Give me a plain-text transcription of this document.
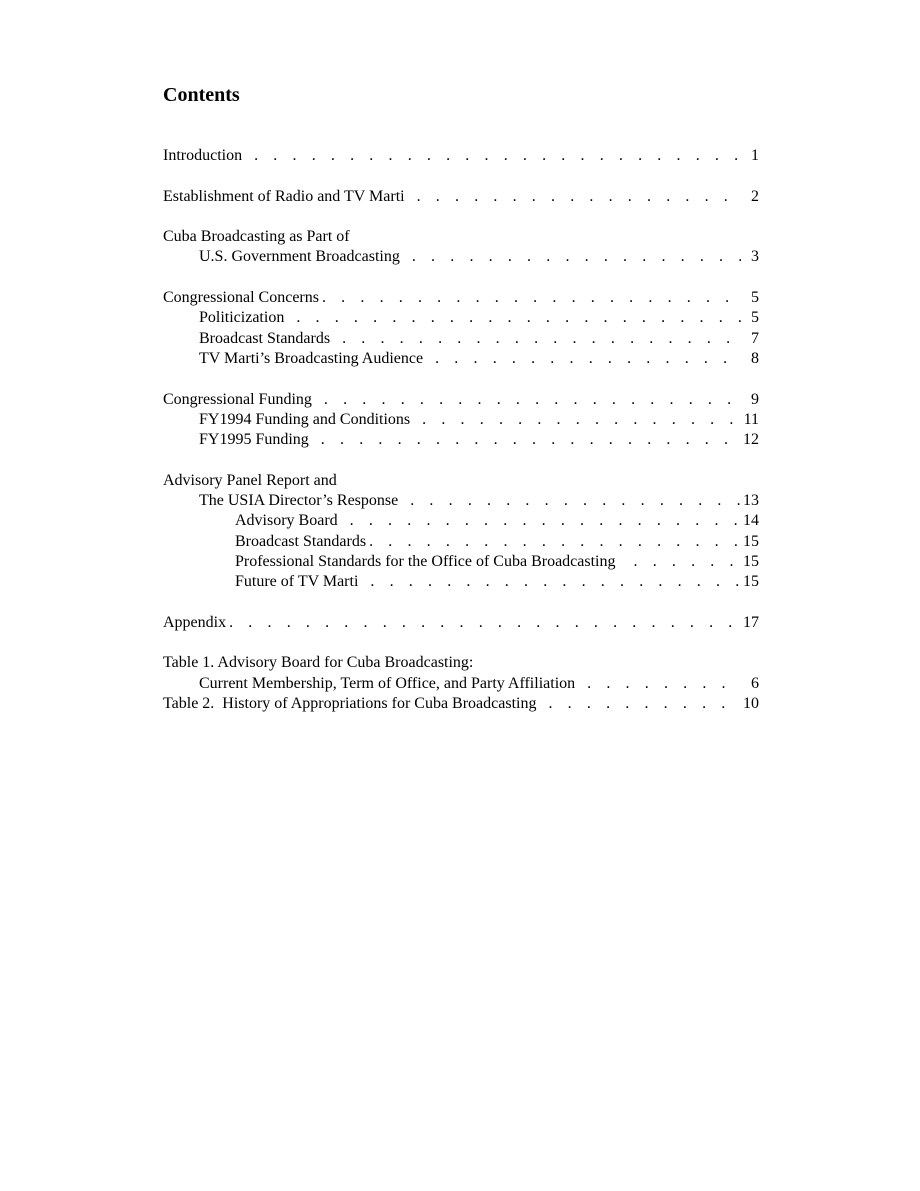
Contents
Introduction . . .	1
Establishment of Radio and TV Marti . . .	2
Cuba Broadcasting as Part of
U.S. Government Broadcasting . . .	3
Congressional Concerns . . .	5
Politicization . . .	5
Broadcast Standards . . .	7
TV Marti’s Broadcasting Audience . . .	8
Congressional Funding . . .	9
FY1994 Funding and Conditions . . .	11
FY1995 Funding . . .	12
Advisory Panel Report and
The USIA Director’s Response . . .	13
Advisory Board . . .	14
Broadcast Standards . . .	15
Professional Standards for the Office of Cuba Broadcasting . . .	15
Future of TV Marti . . .	15
Appendix . . .	17
Table 1. Advisory Board for Cuba Broadcasting:
Current Membership, Term of Office, and Party Affiliation . . .	6
Table 2.  History of Appropriations for Cuba Broadcasting . . .	10
